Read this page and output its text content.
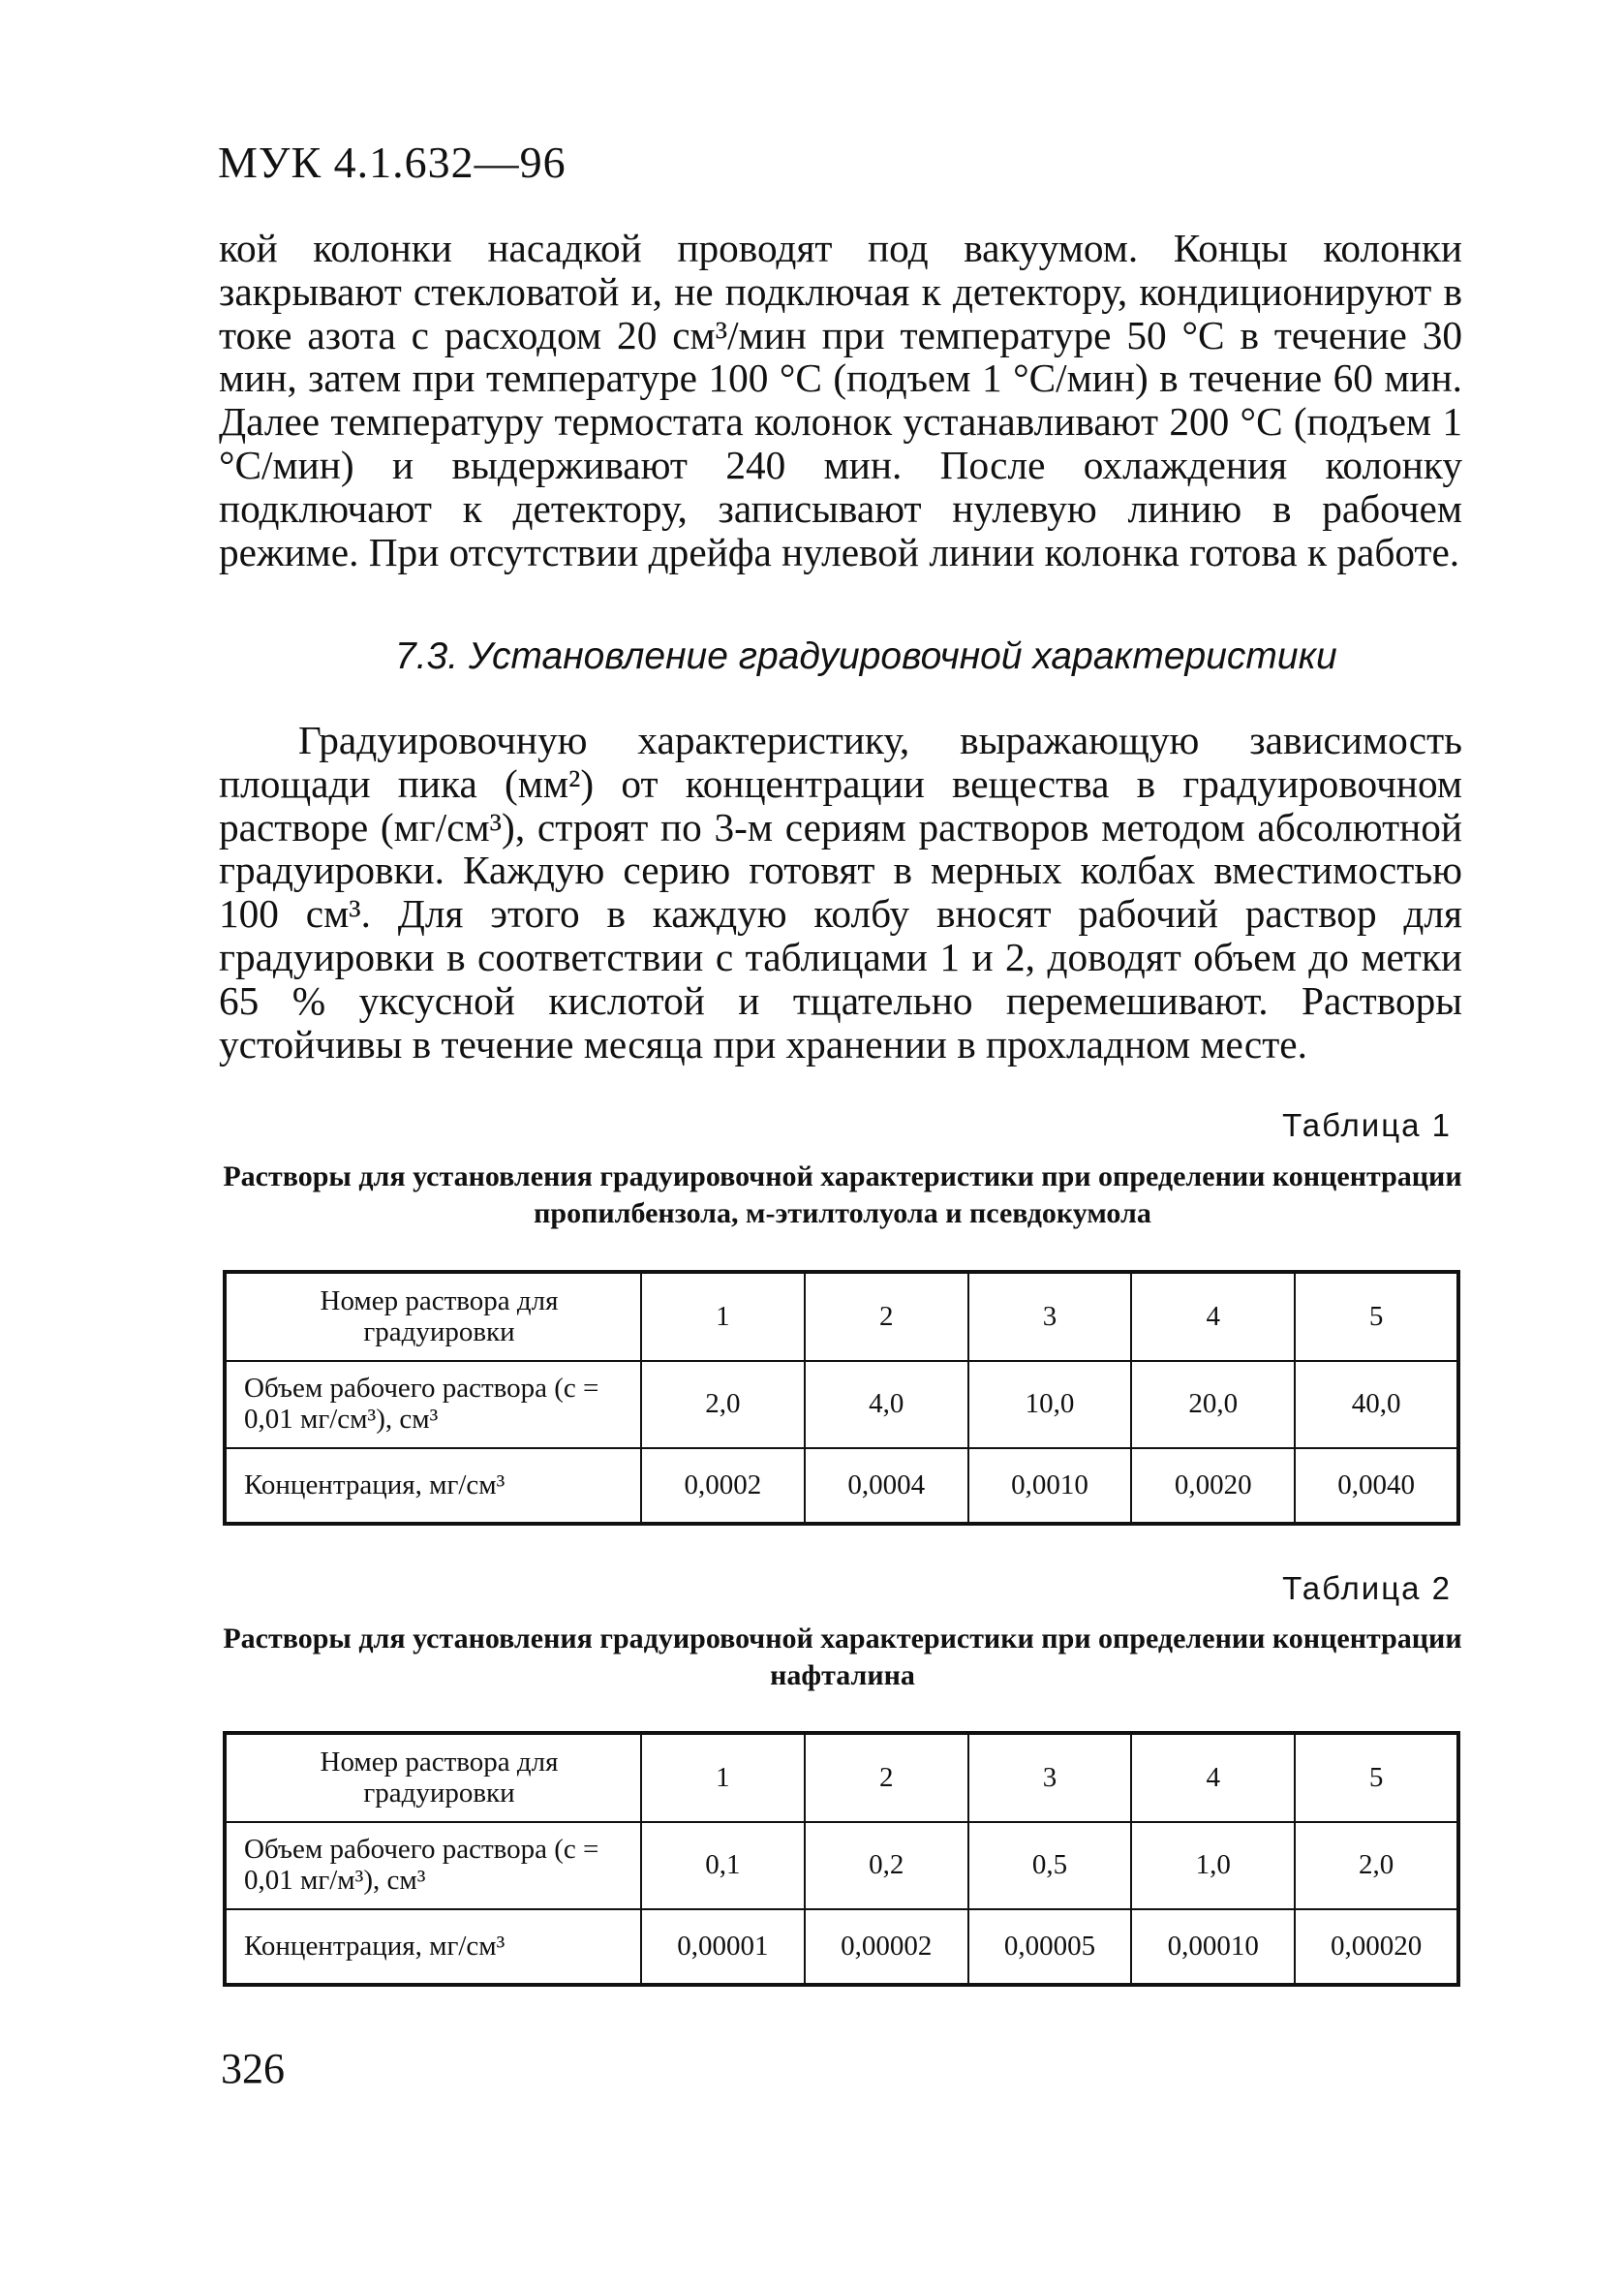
МУК 4.1.632—96

кой колонки насадкой проводят под вакуумом. Концы колонки закрывают стекловатой и, не подключая к детектору, кондиционируют в токе азота с расходом 20 см³/мин при температуре 50 °С в течение 30 мин, затем при температуре 100 °С (подъем 1 °С/мин) в течение 60 мин. Далее температуру термостата колонок устанавливают 200 °С (подъем 1 °С/мин) и выдерживают 240 мин. После охлаждения колонку подключают к детектору, записывают нулевую линию в рабочем режиме. При отсутствии дрейфа нулевой линии колонка готова к работе.

7.3. Установление градуировочной характеристики

Градуировочную характеристику, выражающую зависимость площади пика (мм²) от концентрации вещества в градуировочном растворе (мг/см³), строят по 3-м сериям растворов методом абсолютной градуировки. Каждую серию готовят в мерных колбах вместимостью 100 см³. Для этого в каждую колбу вносят рабочий раствор для градуировки в соответствии с таблицами 1 и 2, доводят объем до метки 65 % уксусной кислотой и тщательно перемешивают. Растворы устойчивы в течение месяца при хранении в прохладном месте.

Таблица 1
Растворы для установления градуировочной характеристики при определении концентрации пропилбензола, м-этилтолуола и псевдокумола
Номер раствора для градуировки	1	2	3	4	5
Объем рабочего раствора (с = 0,01 мг/см³), см³	2,0	4,0	10,0	20,0	40,0
Концентрация, мг/см³	0,0002	0,0004	0,0010	0,0020	0,0040
Таблица 2
Растворы для установления градуировочной характеристики при определении концентрации нафталина
Номер раствора для градуировки	1	2	3	4	5
Объем рабочего раствора (с = 0,01 мг/м³), см³	0,1	0,2	0,5	1,0	2,0
Концентрация, мг/см³	0,00001	0,00002	0,00005	0,00010	0,00020
326
